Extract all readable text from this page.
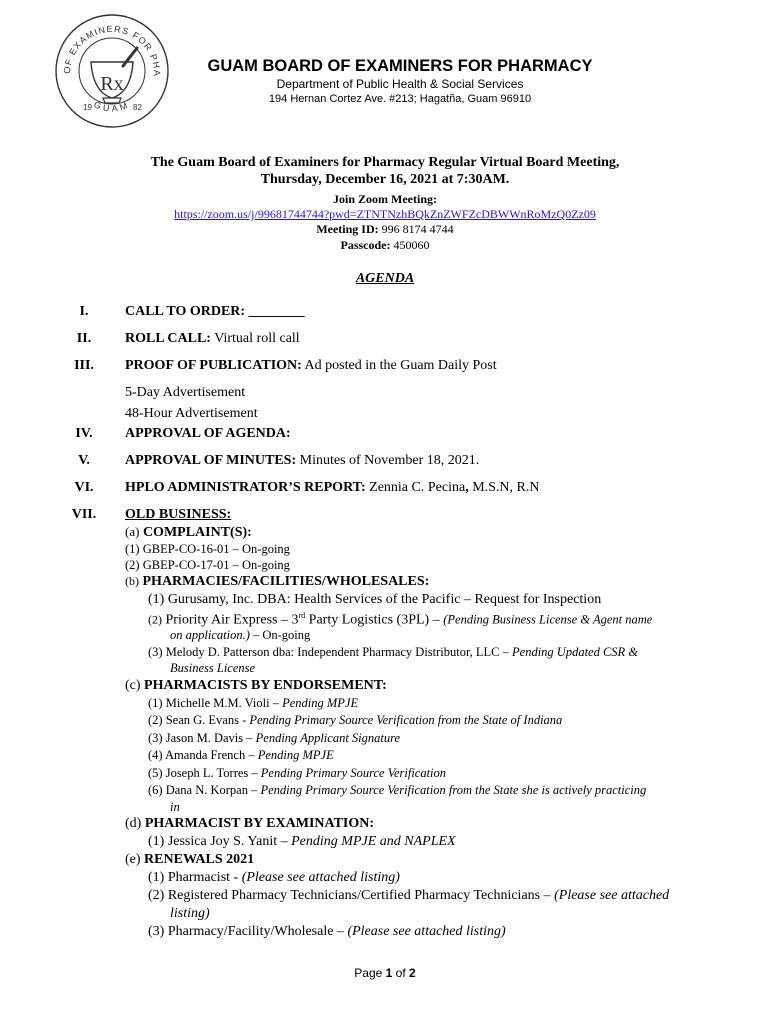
OF EXAMINERS FOR PHA
GUAM
19	82
Rx
GUAM BOARD OF EXAMINERS FOR PHARMACY
Department of Public Health & Social Services
194 Hernan Cortez Ave. #213; Hagatña, Guam 96910
The Guam Board of Examiners for Pharmacy Regular Virtual Board Meeting,
Thursday, December 16, 2021 at 7:30AM.
Join Zoom Meeting:
https://zoom.us/j/99681744744?pwd=ZTNTNzhBQkZnZWFZcDBWWnRoMzQ0Zz09
Meeting ID: 996 8174 4744
Passcode: 450060
AGENDA
I.	CALL TO ORDER: ________
II.	ROLL CALL: Virtual roll call
III.	PROOF OF PUBLICATION: Ad posted in the Guam Daily Post
5-Day Advertisement
48-Hour Advertisement
IV.	APPROVAL OF AGENDA:
V.	APPROVAL OF MINUTES: Minutes of November 18, 2021.
VI.	HPLO ADMINISTRATOR’S REPORT: Zennia C. Pecina, M.S.N, R.N
VII.	OLD BUSINESS:
(a) COMPLAINT(S):
(1) GBEP-CO-16-01 – On-going
(2) GBEP-CO-17-01 – On-going
(b) PHARMACIES/FACILITIES/WHOLESALES:
(1) Gurusamy, Inc. DBA: Health Services of the Pacific – Request for Inspection
(2) Priority Air Express – 3rd Party Logistics (3PL) – (Pending Business License & Agent name
on application.) – On-going
(3) Melody D. Patterson dba: Independent Pharmacy Distributor, LLC – Pending Updated CSR &
Business License
(c) PHARMACISTS BY ENDORSEMENT:
(1) Michelle M.M. Violi – Pending MPJE
(2) Sean G. Evans - Pending Primary Source Verification from the State of Indiana
(3) Jason M. Davis – Pending Applicant Signature
(4) Amanda French – Pending MPJE
(5) Joseph L. Torres – Pending Primary Source Verification
(6) Dana N. Korpan – Pending Primary Source Verification from the State she is actively practicing
in
(d) PHARMACIST BY EXAMINATION:
(1) Jessica Joy S. Yanit – Pending MPJE and NAPLEX
(e) RENEWALS 2021
(1) Pharmacist - (Please see attached listing)
(2) Registered Pharmacy Technicians/Certified Pharmacy Technicians – (Please see attached
listing)
(3) Pharmacy/Facility/Wholesale – (Please see attached listing)
Page 1 of 2
